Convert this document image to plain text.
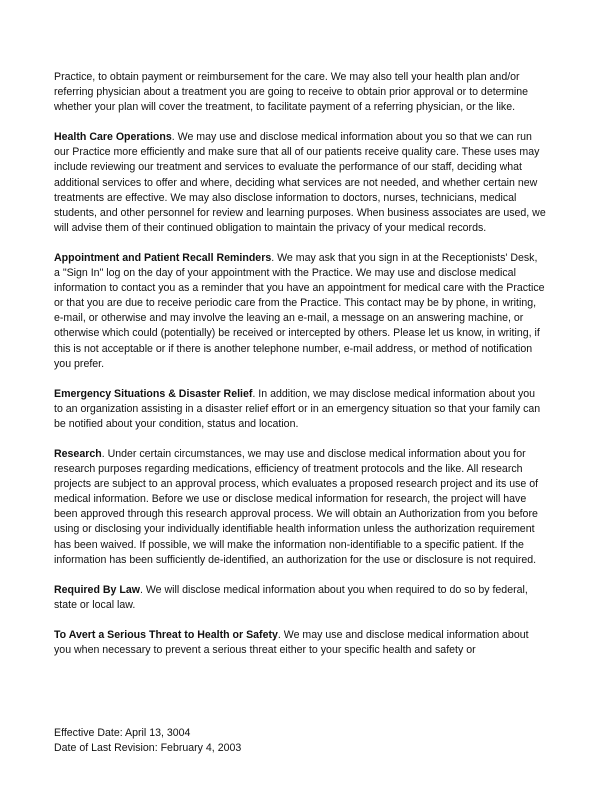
Practice, to obtain payment or reimbursement for the care. We may also tell your health plan and/or referring physician about a treatment you are going to receive to obtain prior approval or to determine whether your plan will cover the treatment, to facilitate payment of a referring physician, or the like.

Health Care Operations. We may use and disclose medical information about you so that we can run our Practice more efficiently and make sure that all of our patients receive quality care. These uses may include reviewing our treatment and services to evaluate the performance of our staff, deciding what additional services to offer and where, deciding what services are not needed, and whether certain new treatments are effective. We may also disclose information to doctors, nurses, technicians, medical students, and other personnel for review and learning purposes. When business associates are used, we will advise them of their continued obligation to maintain the privacy of your medical records.

Appointment and Patient Recall Reminders. We may ask that you sign in at the Receptionists' Desk, a "Sign In" log on the day of your appointment with the Practice. We may use and disclose medical information to contact you as a reminder that you have an appointment for medical care with the Practice or that you are due to receive periodic care from the Practice. This contact may be by phone, in writing, e-mail, or otherwise and may involve the leaving an e-mail, a message on an answering machine, or otherwise which could (potentially) be received or intercepted by others. Please let us know, in writing, if this is not acceptable or if there is another telephone number, e-mail address, or method of notification you prefer.

Emergency Situations & Disaster Relief. In addition, we may disclose medical information about you to an organization assisting in a disaster relief effort or in an emergency situation so that your family can be notified about your condition, status and location.

Research. Under certain circumstances, we may use and disclose medical information about you for research purposes regarding medications, efficiency of treatment protocols and the like. All research projects are subject to an approval process, which evaluates a proposed research project and its use of medical information. Before we use or disclose medical information for research, the project will have been approved through this research approval process. We will obtain an Authorization from you before using or disclosing your individually identifiable health information unless the authorization requirement has been waived. If possible, we will make the information non-identifiable to a specific patient. If the information has been sufficiently de-identified, an authorization for the use or disclosure is not required.

Required By Law. We will disclose medical information about you when required to do so by federal, state or local law.

To Avert a Serious Threat to Health or Safety. We may use and disclose medical information about you when necessary to prevent a serious threat either to your specific health and safety or

Effective Date: April 13, 3004
Date of Last Revision: February 4, 2003
